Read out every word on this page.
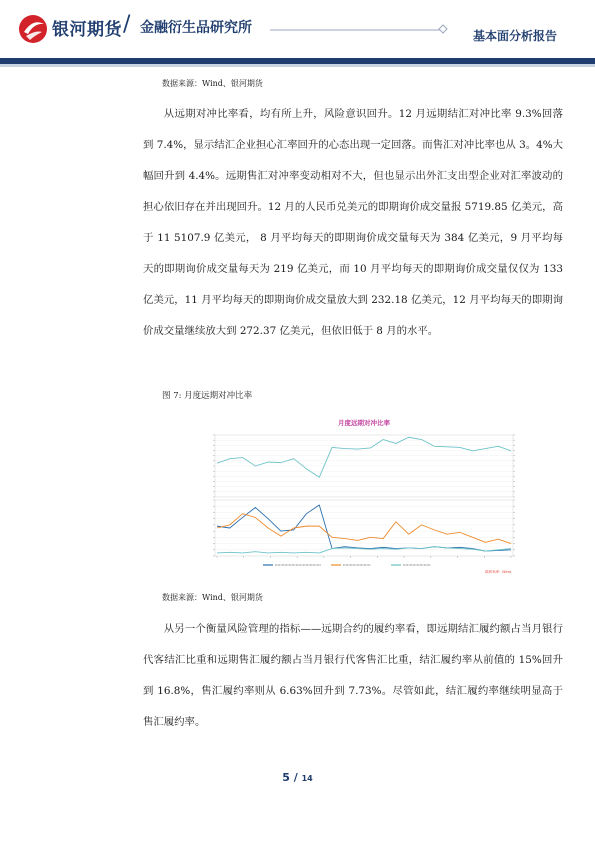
银河期货 / 金融衍生品研究所	基本面分析报告
数据来源：Wind、银河期货

从远期对冲比率看，均有所上升，风险意识回升。12 月远期结汇对冲比率 9.3%回落到 7.4%，显示结汇企业担心汇率回升的心态出现一定回落。而售汇对冲比率也从 3。4%大幅回升到 4.4%。远期售汇对冲率变动相对不大，但也显示出外汇支出型企业对汇率波动的担心依旧存在并出现回升。12 月的人民币兑美元的即期询价成交量报 5719.85 亿美元，高于 11 5107.9 亿美元， 8 月平均每天的即期询价成交量每天为 384 亿美元，9 月平均每天的即期询价成交量每天为 219 亿美元，而 10 月平均每天的即期询价成交量仅仅为 133 亿美元，11 月平均每天的即期询价成交量放大到 232.18 亿美元，12 月平均每天的即期询价成交量继续放大到 272.37 亿美元，但依旧低于 8 月的水平。

图 7: 月度远期对冲比率
月度远期对冲比率
数据来源：Wind
数据来源：Wind、银河期货

从另一个衡量风险管理的指标——远期合约的履约率看，即远期结汇履约额占当月银行代客结汇比重和远期售汇履约额占当月银行代客售汇比重，结汇履约率从前值的 15%回升到 16.8%，售汇履约率则从 6.63%回升到 7.73%。尽管如此，结汇履约率继续明显高于售汇履约率。

5 / 14
